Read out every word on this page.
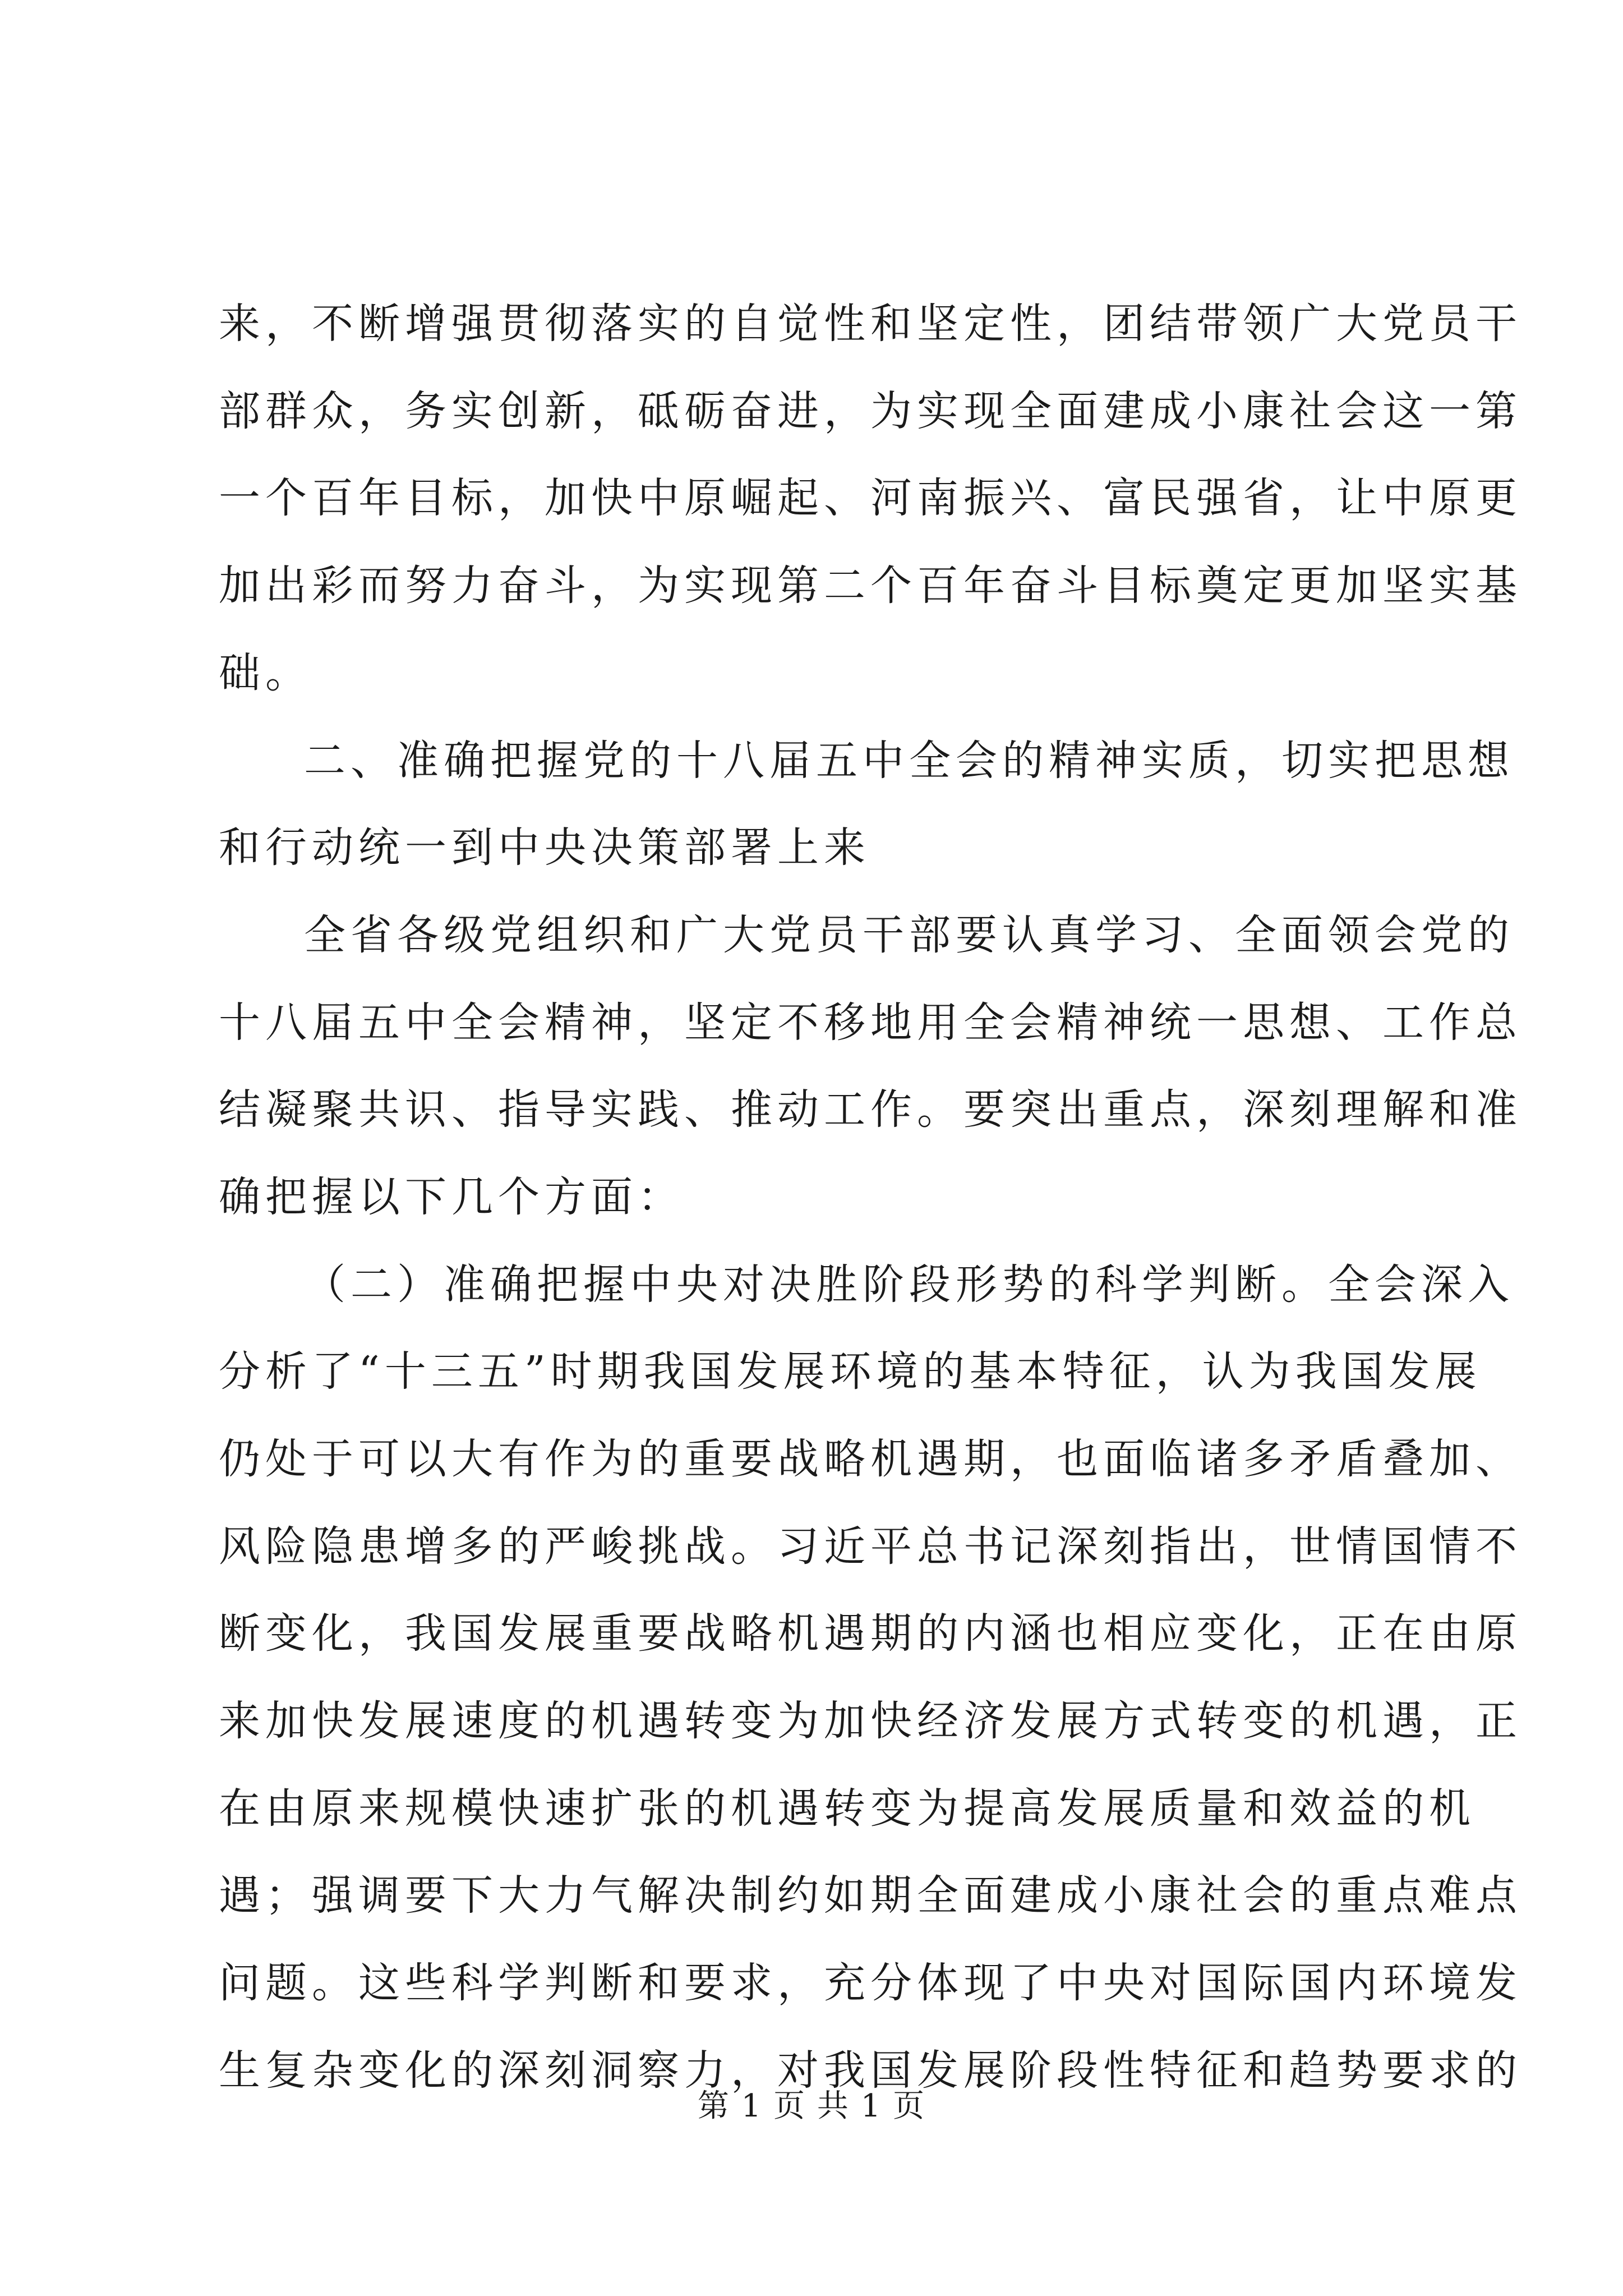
来，不断增强贯彻落实的自觉性和坚定性，团结带领广大党员干
部群众，务实创新，砥砺奋进，为实现全面建成小康社会这一第
一个百年目标，加快中原崛起、河南振兴、富民强省，让中原更
加出彩而努力奋斗，为实现第二个百年奋斗目标奠定更加坚实基
础。
二、准确把握党的十八届五中全会的精神实质，切实把思想
和行动统一到中央决策部署上来
全省各级党组织和广大党员干部要认真学习、全面领会党的
十八届五中全会精神，坚定不移地用全会精神统一思想、工作总
结凝聚共识、指导实践、推动工作。要突出重点，深刻理解和准
确把握以下几个方面：
（二）准确把握中央对决胜阶段形势的科学判断。全会深入
分析了“十三五”时期我国发展环境的基本特征，认为我国发展
仍处于可以大有作为的重要战略机遇期，也面临诸多矛盾叠加、
风险隐患增多的严峻挑战。习近平总书记深刻指出，世情国情不
断变化，我国发展重要战略机遇期的内涵也相应变化，正在由原
来加快发展速度的机遇转变为加快经济发展方式转变的机遇，正
在由原来规模快速扩张的机遇转变为提高发展质量和效益的机
遇；强调要下大力气解决制约如期全面建成小康社会的重点难点
问题。这些科学判断和要求，充分体现了中央对国际国内环境发
生复杂变化的深刻洞察力，对我国发展阶段性特征和趋势要求的
第 1 页 共 1 页
